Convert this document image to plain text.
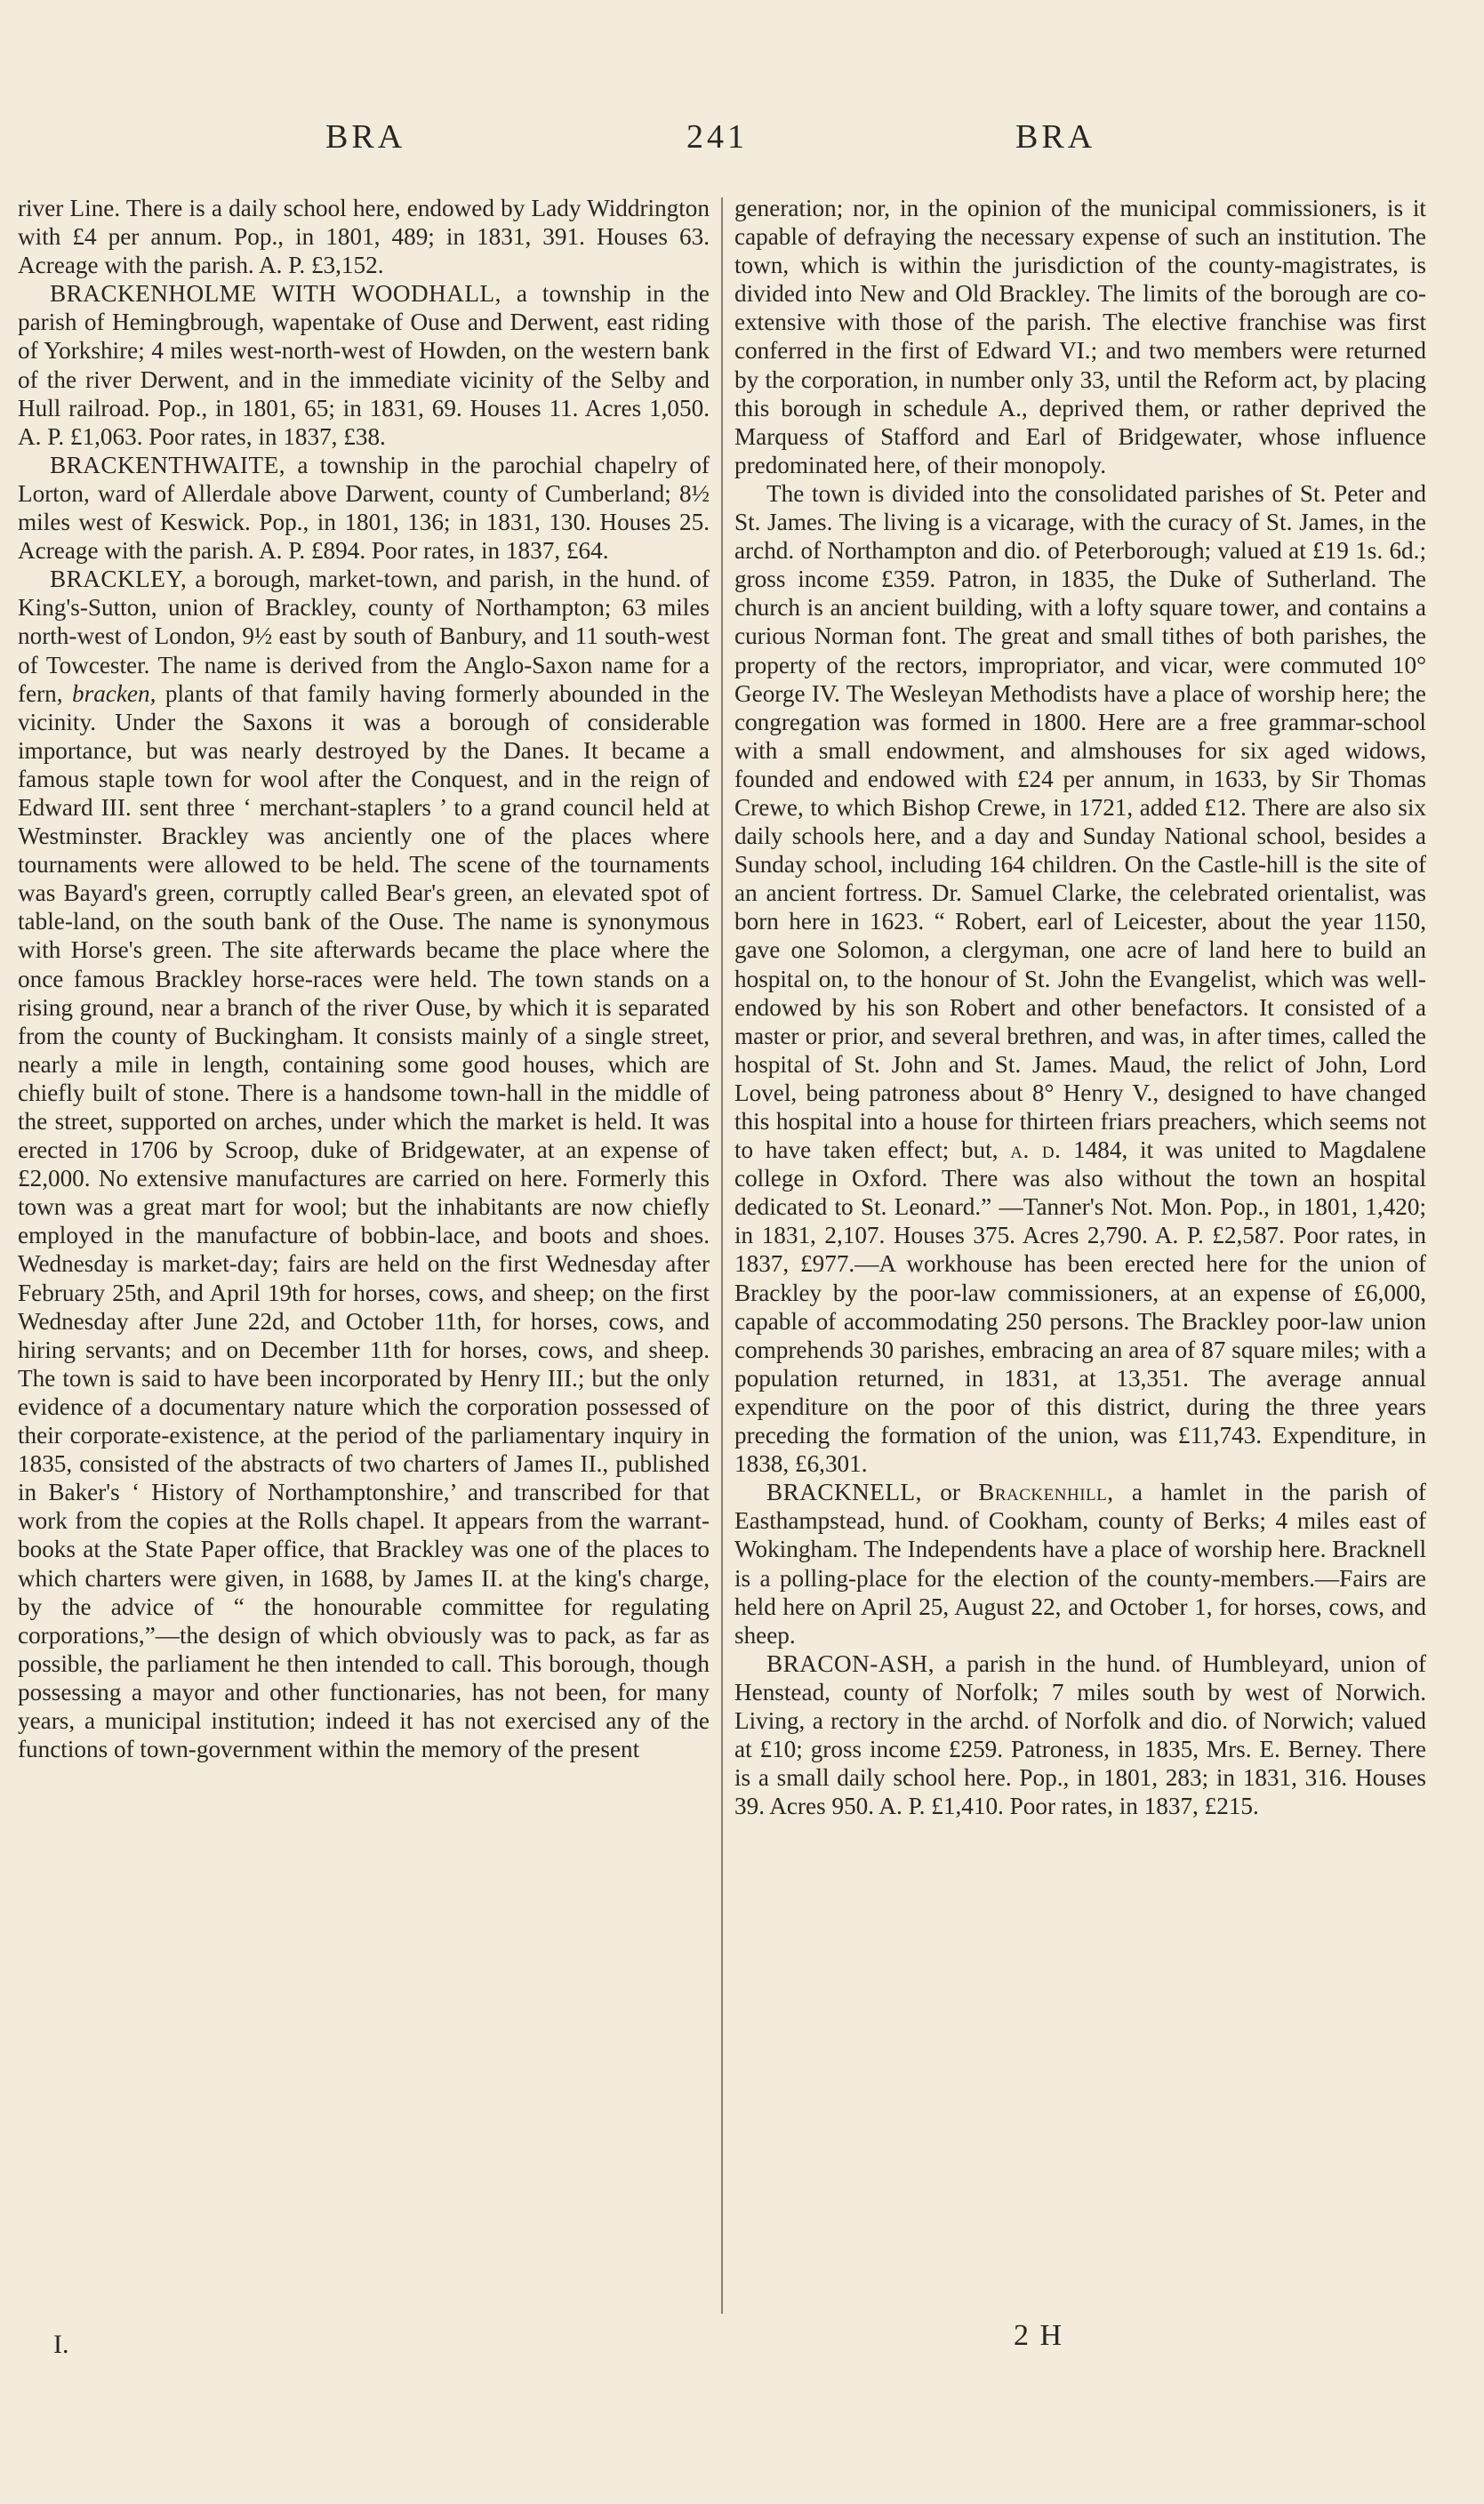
BRA	241	BRA

river Line. There is a daily school here, endowed by Lady Widdrington with £4 per annum. Pop., in 1801, 489; in 1831, 391. Houses 63. Acreage with the parish. A. P. £3,152.

BRACKENHOLME WITH WOODHALL, a township in the parish of Hemingbrough, wapentake of Ouse and Derwent, east riding of Yorkshire; 4 miles west-north-west of Howden, on the western bank of the river Derwent, and in the immediate vicinity of the Selby and Hull railroad. Pop., in 1801, 65; in 1831, 69. Houses 11. Acres 1,050. A. P. £1,063. Poor rates, in 1837, £38.

BRACKENTHWAITE, a township in the parochial chapelry of Lorton, ward of Allerdale above Darwent, county of Cumberland; 8½ miles west of Keswick. Pop., in 1801, 136; in 1831, 130. Houses 25. Acreage with the parish. A. P. £894. Poor rates, in 1837, £64.

BRACKLEY, a borough, market-town, and parish, in the hund. of King's-Sutton, union of Brackley, county of Northampton; 63 miles north-west of London, 9½ east by south of Banbury, and 11 south-west of Towcester. The name is derived from the Anglo-Saxon name for a fern, bracken, plants of that family having formerly abounded in the vicinity. Under the Saxons it was a borough of considerable importance, but was nearly destroyed by the Danes. It became a famous staple town for wool after the Conquest, and in the reign of Edward III. sent three ‘ merchant-staplers ’ to a grand council held at Westminster. Brackley was anciently one of the places where tournaments were allowed to be held. The scene of the tournaments was Bayard's green, corruptly called Bear's green, an elevated spot of table-land, on the south bank of the Ouse. The name is synonymous with Horse's green. The site afterwards became the place where the once famous Brackley horse-races were held. The town stands on a rising ground, near a branch of the river Ouse, by which it is separated from the county of Buckingham. It consists mainly of a single street, nearly a mile in length, containing some good houses, which are chiefly built of stone. There is a handsome town-hall in the middle of the street, supported on arches, under which the market is held. It was erected in 1706 by Scroop, duke of Bridgewater, at an expense of £2,000. No extensive manufactures are carried on here. Formerly this town was a great mart for wool; but the inhabitants are now chiefly employed in the manufacture of bobbin-lace, and boots and shoes. Wednesday is market-day; fairs are held on the first Wednesday after February 25th, and April 19th for horses, cows, and sheep; on the first Wednesday after June 22d, and October 11th, for horses, cows, and hiring servants; and on December 11th for horses, cows, and sheep. The town is said to have been incorporated by Henry III.; but the only evidence of a documentary nature which the corporation possessed of their corporate-existence, at the period of the parliamentary inquiry in 1835, consisted of the abstracts of two charters of James II., published in Baker's ‘ History of Northamptonshire,’ and transcribed for that work from the copies at the Rolls chapel. It appears from the warrant-books at the State Paper office, that Brackley was one of the places to which charters were given, in 1688, by James II. at the king's charge, by the advice of “ the honourable committee for regulating corporations,”—the design of which obviously was to pack, as far as possible, the parliament he then intended to call. This borough, though possessing a mayor and other functionaries, has not been, for many years, a municipal institution; indeed it has not exercised any of the functions of town-government within the memory of the present

generation; nor, in the opinion of the municipal commissioners, is it capable of defraying the necessary expense of such an institution. The town, which is within the jurisdiction of the county-magistrates, is divided into New and Old Brackley. The limits of the borough are co-extensive with those of the parish. The elective franchise was first conferred in the first of Edward VI.; and two members were returned by the corporation, in number only 33, until the Reform act, by placing this borough in schedule A., deprived them, or rather deprived the Marquess of Stafford and Earl of Bridgewater, whose influence predominated here, of their monopoly.

The town is divided into the consolidated parishes of St. Peter and St. James. The living is a vicarage, with the curacy of St. James, in the archd. of Northampton and dio. of Peterborough; valued at £19 1s. 6d.; gross income £359. Patron, in 1835, the Duke of Sutherland. The church is an ancient building, with a lofty square tower, and contains a curious Norman font. The great and small tithes of both parishes, the property of the rectors, impropriator, and vicar, were commuted 10° George IV. The Wesleyan Methodists have a place of worship here; the congregation was formed in 1800. Here are a free grammar-school with a small endowment, and almshouses for six aged widows, founded and endowed with £24 per annum, in 1633, by Sir Thomas Crewe, to which Bishop Crewe, in 1721, added £12. There are also six daily schools here, and a day and Sunday National school, besides a Sunday school, including 164 children. On the Castle-hill is the site of an ancient fortress. Dr. Samuel Clarke, the celebrated orientalist, was born here in 1623. “ Robert, earl of Leicester, about the year 1150, gave one Solomon, a clergyman, one acre of land here to build an hospital on, to the honour of St. John the Evangelist, which was well-endowed by his son Robert and other benefactors. It consisted of a master or prior, and several brethren, and was, in after times, called the hospital of St. John and St. James. Maud, the relict of John, Lord Lovel, being patroness about 8° Henry V., designed to have changed this hospital into a house for thirteen friars preachers, which seems not to have taken effect; but, a. d. 1484, it was united to Magdalene college in Oxford. There was also without the town an hospital dedicated to St. Leonard.” —Tanner's Not. Mon. Pop., in 1801, 1,420; in 1831, 2,107. Houses 375. Acres 2,790. A. P. £2,587. Poor rates, in 1837, £977.—A workhouse has been erected here for the union of Brackley by the poor-law commissioners, at an expense of £6,000, capable of accommodating 250 persons. The Brackley poor-law union comprehends 30 parishes, embracing an area of 87 square miles; with a population returned, in 1831, at 13,351. The average annual expenditure on the poor of this district, during the three years preceding the formation of the union, was £11,743. Expenditure, in 1838, £6,301.

BRACKNELL, or Brackenhill, a hamlet in the parish of Easthampstead, hund. of Cookham, county of Berks; 4 miles east of Wokingham. The Independents have a place of worship here. Bracknell is a polling-place for the election of the county-members.—Fairs are held here on April 25, August 22, and October 1, for horses, cows, and sheep.

BRACON-ASH, a parish in the hund. of Humbleyard, union of Henstead, county of Norfolk; 7 miles south by west of Norwich. Living, a rectory in the archd. of Norfolk and dio. of Norwich; valued at £10; gross income £259. Patroness, in 1835, Mrs. E. Berney. There is a small daily school here. Pop., in 1801, 283; in 1831, 316. Houses 39. Acres 950. A. P. £1,410. Poor rates, in 1837, £215.

I.	2 H
